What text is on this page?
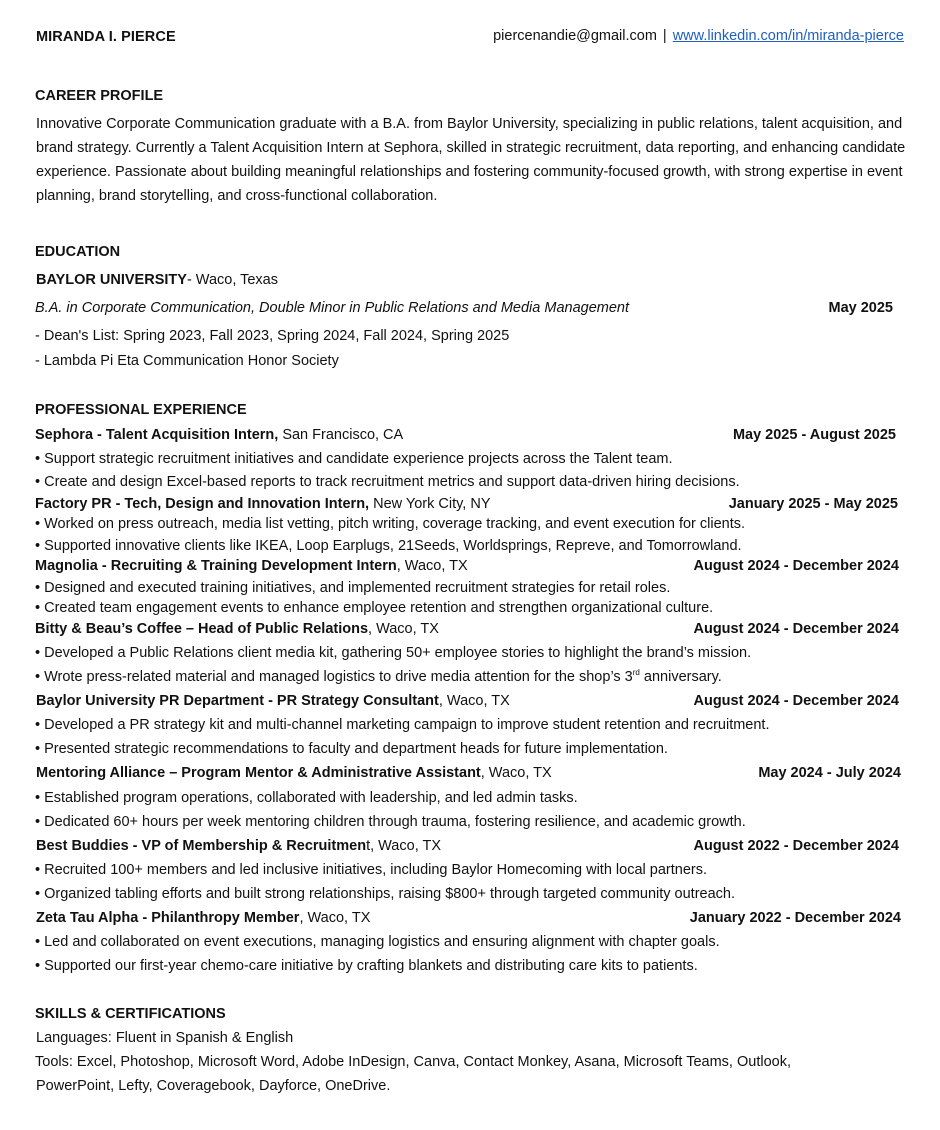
MIRANDA I. PIERCE	piercenandie@gmail.com | www.linkedin.com/in/miranda-pierce
CAREER PROFILE
Innovative Corporate Communication graduate with a B.A. from Baylor University, specializing in public relations, talent acquisition, and brand strategy. Currently a Talent Acquisition Intern at Sephora, skilled in strategic recruitment, data reporting, and enhancing candidate experience. Passionate about building meaningful relationships and fostering community-focused growth, with strong expertise in event planning, brand storytelling, and cross-functional collaboration.
EDUCATION
BAYLOR UNIVERSITY- Waco, Texas
B.A. in Corporate Communication, Double Minor in Public Relations and Media Management	May 2025
- Dean's List: Spring 2023, Fall 2023, Spring 2024, Fall 2024, Spring 2025
- Lambda Pi Eta Communication Honor Society
PROFESSIONAL EXPERIENCE
Sephora - Talent Acquisition Intern, San Francisco, CA	May 2025 - August 2025
• Support strategic recruitment initiatives and candidate experience projects across the Talent team.
• Create and design Excel-based reports to track recruitment metrics and support data-driven hiring decisions.
Factory PR - Tech, Design and Innovation Intern, New York City, NY	January 2025 - May 2025
• Worked on press outreach, media list vetting, pitch writing, coverage tracking, and event execution for clients.
• Supported innovative clients like IKEA, Loop Earplugs, 21Seeds, Worldsprings, Repreve, and Tomorrowland.
Magnolia - Recruiting & Training Development Intern, Waco, TX	August 2024 - December 2024
• Designed and executed training initiatives, and implemented recruitment strategies for retail roles.
• Created team engagement events to enhance employee retention and strengthen organizational culture.
Bitty & Beau’s Coffee – Head of Public Relations, Waco, TX	August 2024 - December 2024
• Developed a Public Relations client media kit, gathering 50+ employee stories to highlight the brand’s mission.
• Wrote press-related material and managed logistics to drive media attention for the shop’s 3rd anniversary.
Baylor University PR Department - PR Strategy Consultant, Waco, TX	August 2024 - December 2024
• Developed a PR strategy kit and multi-channel marketing campaign to improve student retention and recruitment.
• Presented strategic recommendations to faculty and department heads for future implementation.
Mentoring Alliance – Program Mentor & Administrative Assistant, Waco, TX	May 2024 - July 2024
• Established program operations, collaborated with leadership, and led admin tasks.
• Dedicated 60+ hours per week mentoring children through trauma, fostering resilience, and academic growth.
Best Buddies - VP of Membership & Recruitment, Waco, TX	August 2022 - December 2024
• Recruited 100+ members and led inclusive initiatives, including Baylor Homecoming with local partners.
• Organized tabling efforts and built strong relationships, raising $800+ through targeted community outreach.
Zeta Tau Alpha - Philanthropy Member, Waco, TX	January 2022 - December 2024
• Led and collaborated on event executions, managing logistics and ensuring alignment with chapter goals.
• Supported our first-year chemo-care initiative by crafting blankets and distributing care kits to patients.
SKILLS & CERTIFICATIONS
Languages: Fluent in Spanish & English
Tools: Excel, Photoshop, Microsoft Word, Adobe InDesign, Canva, Contact Monkey, Asana, Microsoft Teams, Outlook,
PowerPoint, Lefty, Coveragebook, Dayforce, OneDrive.
